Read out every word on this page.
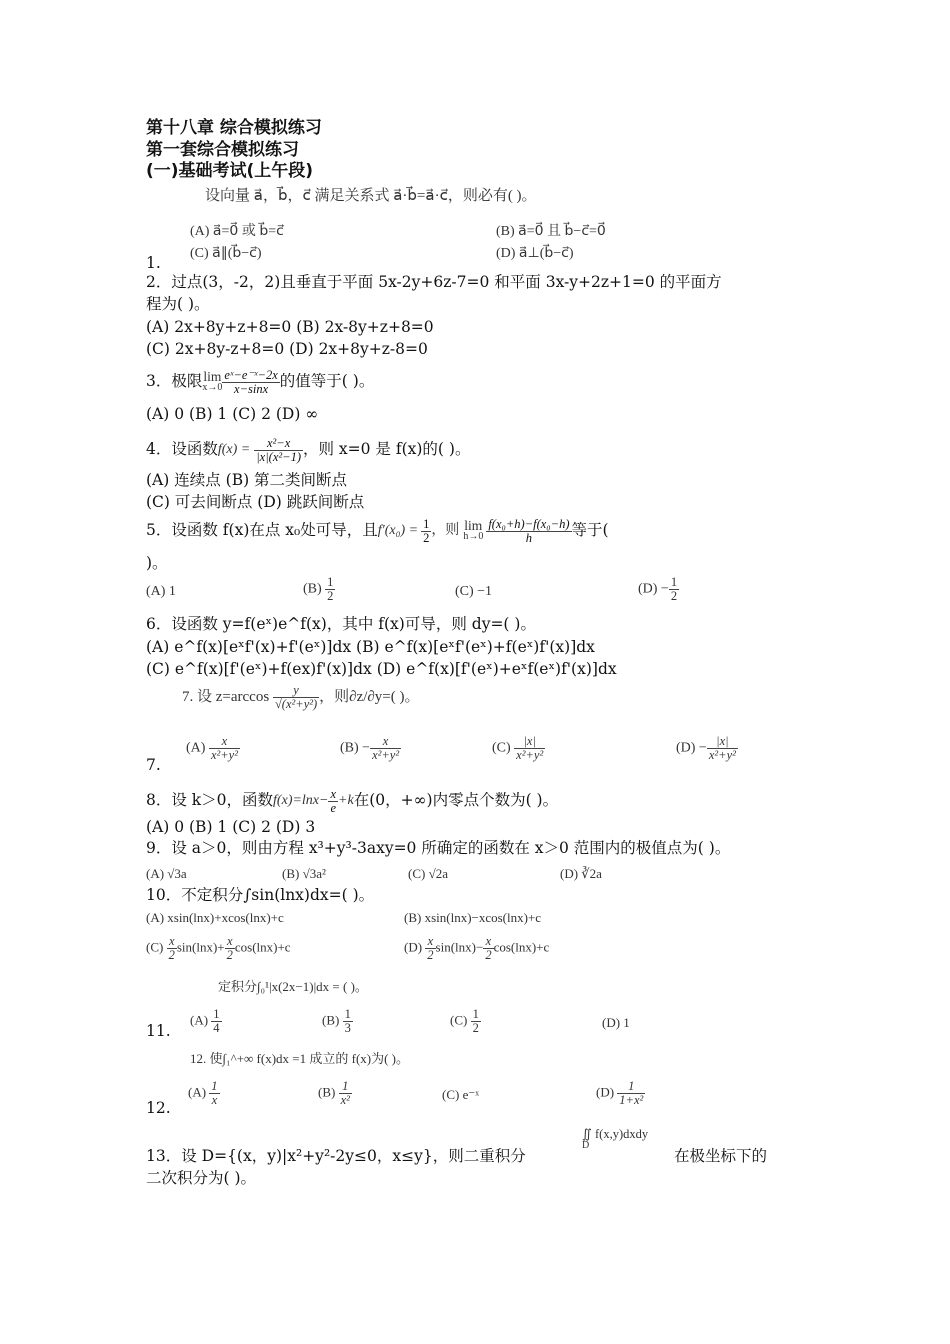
第十八章 综合模拟练习
第一套综合模拟练习
(一)基础考试(上午段)
设向量 a⃗，b⃗，c⃗ 满足关系式 a⃗·b⃗=a⃗·c⃗，则必有( )。
(A) a⃗=0⃗ 或 b⃗=c⃗	(B) a⃗=0⃗ 且 b⃗−c⃗=0⃗
(C) a⃗∥(b⃗−c⃗)	(D) a⃗⊥(b⃗−c⃗)
1.
2．过点(3，-2，2)且垂直于平面 5x-2y+6z-7=0 和平面 3x-y+2z+1=0 的平面方
程为( )。
(A) 2x+8y+z+8=0 (B) 2x-8y+z+8=0
(C) 2x+8y-z+8=0 (D) 2x+8y+z-8=0
3．极限 lim
$x\to 0 \frac{\text{eˣ−e⁻ˣ−2x}}{x-\sin x}$ 的值等于( )。
(A) 0 (B) 1 (C) 2 (D) ∞
4．设函数$f(x) = \frac{\text{x²−x}}{\text{|x|(x²−1)}}$ ，则 x=0 是 f(x)的( )。
(A) 连续点 (B) 第二类间断点
(C) 可去间断点 (D) 跳跃间断点
5．设函数 f(x)在点 x₀处可导，且$f'(x_0) = \frac{1}{2}$ ，则 lim
$h\to 0 \frac{\text{f(x₀+h)−f(x₀−h)}}{h}$ 等于(
)。
(A) 1	$(B) \frac{1}{2}$	(C) −1	$(D) - \frac{1}{2}$
6．设函数 y=f(eˣ)e^f(x)，其中 f(x)可导，则 dy=( )。
(A) e^f(x)[eˣf'(x)+f'(eˣ)]dx (B) e^f(x)[eˣf'(eˣ)+f(eˣ)f'(x)]dx
(C) e^f(x)[f'(eˣ)+f(ex)f'(x)]dx (D) e^f(x)[f'(eˣ)+eˣf(eˣ)f'(x)]dx
7. 设 $z=\arccos \frac{y}{\text{√(x²+y²)}}$ ，则∂z/∂y=( )。
$(A) \frac{x}{\text{x²+y²}}$	$(B) - \frac{x}{\text{x²+y²}}$	$(C) \frac{|x|}{\text{x²+y²}}$	$(D) - \frac{|x|}{\text{x²+y²}}$
7.
8．设 k＞0，函数$f(x)=\ln x- \frac{x}{e} +k$在(0，+∞)内零点个数为( )。
(A) 0 (B) 1 (C) 2 (D) 3
9．设 a＞0，则由方程 x³+y³-3axy=0 所确定的函数在 x＞0 范围内的极值点为( )。
(A) √3a	(B) √3a²	(C) √2a	(D) ∛2a
10．不定积分∫sin(lnx)dx=( )。
(A) xsin(lnx)+xcos(lnx)+c	(B) xsin(lnx)−xcos(lnx)+c
$(C) \frac{x}{2} \sin(\ln x)+ \frac{x}{2} \cos(\ln x)+c$	$(D) \frac{x}{2} \sin(\ln x)- \frac{x}{2} \cos(\ln x)+c$
定积分∫₀¹|x(2x−1)|dx = ( )。
$(A) \frac{1}{4}$	$(B) \frac{1}{3}$	$(C) \frac{1}{2}$	(D) 1
11.
12. 使∫₁^+∞ f(x)dx =1 成立的 f(x)为( )。
$(A) \frac{1}{x}$	$(B) \frac{1}{\text{x²}}$	(C) e⁻ˣ	$(D) \frac{1}{\text{1+x²}}$
12.
13．设 D={(x，y)|x²+y²-2y≤0，x≤y}，则二重积分
∬ f(x,y)dxdy
D
在极坐标下的
二次积分为( )。
